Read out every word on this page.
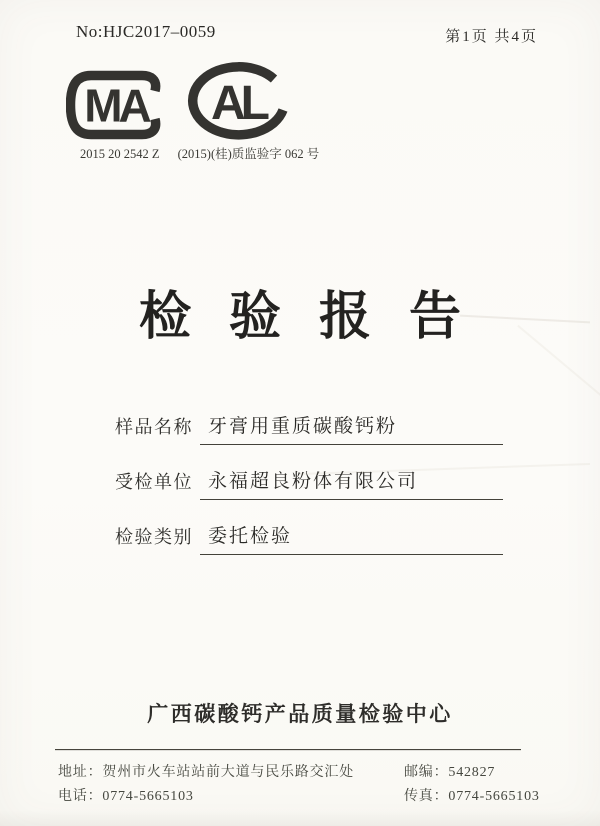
No:HJC2017–0059	第1页 共4页
MA AL
2015 20 2542 Z (2015)(桂)质监验字 062 号
检验报告
样品名称 牙膏用重质碳酸钙粉
受检单位 永福超良粉体有限公司
检验类别 委托检验
广西碳酸钙产品质量检验中心
地址：贺州市火车站站前大道与民乐路交汇处
电话：0774-5665103
邮编：542827
传真：0774-5665103
